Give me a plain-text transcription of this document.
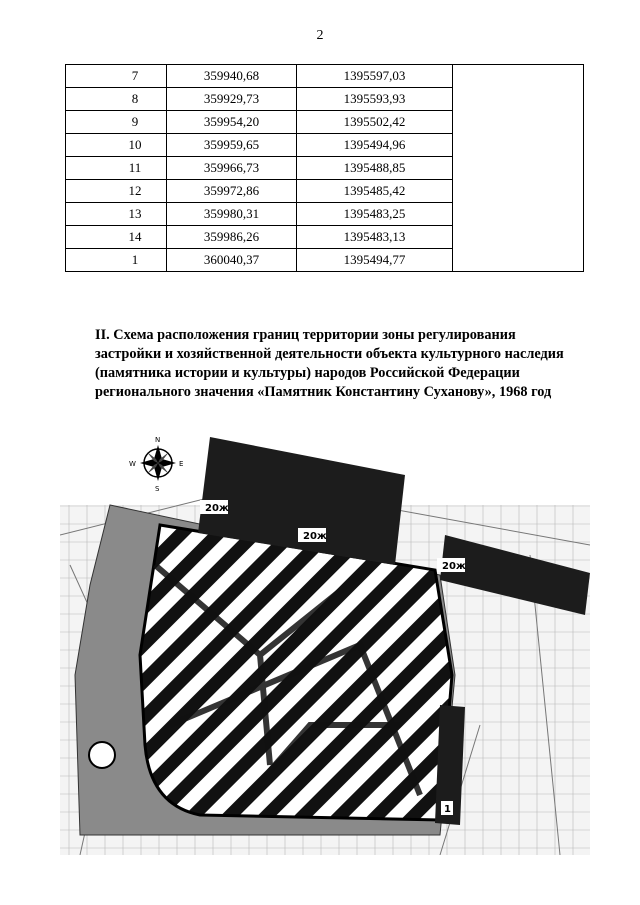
2
7	359940,68	1395597,03	
8	359929,73	1395593,93	
9	359954,20	1395502,42	
10	359959,65	1395494,96	
11	359966,73	1395488,85	
12	359972,86	1395485,42	
13	359980,31	1395483,25	
14	359986,26	1395483,13	
1	360040,37	1395494,77	
II. Схема расположения границ территории зоны регулирования
застройки и хозяйственной деятельности объекта культурного наследия
(памятника истории и культуры) народов Российской Федерации
регионального значения «Памятник Константину Суханову», 1968 год
20ж
20ж
20ж
1
N
S
E
W
